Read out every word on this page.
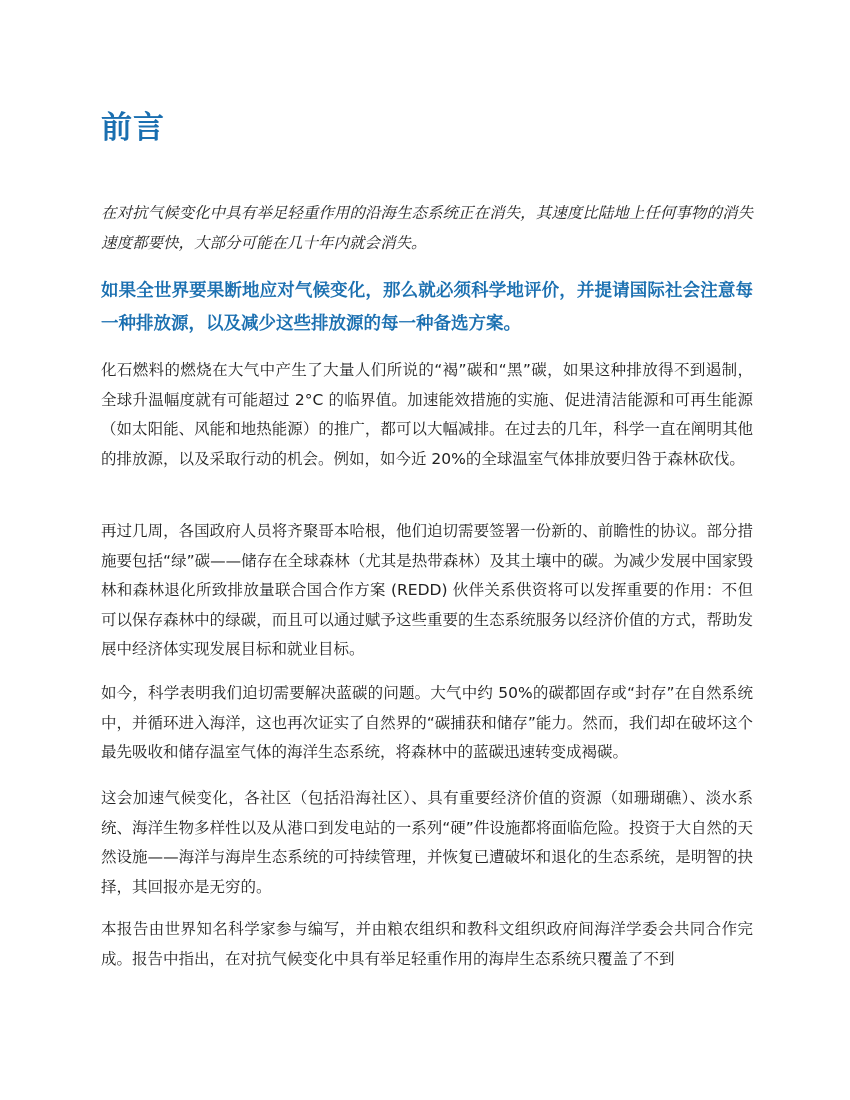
前言

在对抗气候变化中具有举足轻重作用的沿海生态系统正在消失，其速度比陆地上任何事物的消失速度都要快，大部分可能在几十年内就会消失。

如果全世界要果断地应对气候变化，那么就必须科学地评价，并提请国际社会注意每一种排放源，以及减少这些排放源的每一种备选方案。

化石燃料的燃烧在大气中产生了大量人们所说的“褐”碳和“黑”碳，如果这种排放得不到遏制，全球升温幅度就有可能超过 2°C 的临界值。加速能效措施的实施、促进清洁能源和可再生能源（如太阳能、风能和地热能源）的推广，都可以大幅减排。在过去的几年，科学一直在阐明其他的排放源，以及采取行动的机会。例如，如今近 20%的全球温室气体排放要归咎于森林砍伐。

再过几周，各国政府人员将齐聚哥本哈根，他们迫切需要签署一份新的、前瞻性的协议。部分措施要包括“绿”碳——储存在全球森林（尤其是热带森林）及其土壤中的碳。为减少发展中国家毁林和森林退化所致排放量联合国合作方案 (REDD) 伙伴关系供资将可以发挥重要的作用：不但可以保存森林中的绿碳，而且可以通过赋予这些重要的生态系统服务以经济价值的方式，帮助发展中经济体实现发展目标和就业目标。

如今，科学表明我们迫切需要解决蓝碳的问题。大气中约 50%的碳都固存或“封存”在自然系统中，并循环进入海洋，这也再次证实了自然界的“碳捕获和储存”能力。然而，我们却在破坏这个最先吸收和储存温室气体的海洋生态系统，将森林中的蓝碳迅速转变成褐碳。

这会加速气候变化，各社区（包括沿海社区）、具有重要经济价值的资源（如珊瑚礁）、淡水系统、海洋生物多样性以及从港口到发电站的一系列“硬”件设施都将面临危险。投资于大自然的天然设施——海洋与海岸生态系统的可持续管理，并恢复已遭破坏和退化的生态系统，是明智的抉择，其回报亦是无穷的。

本报告由世界知名科学家参与编写，并由粮农组织和教科文组织政府间海洋学委会共同合作完成。报告中指出，在对抗气候变化中具有举足轻重作用的海岸生态系统只覆盖了不到
